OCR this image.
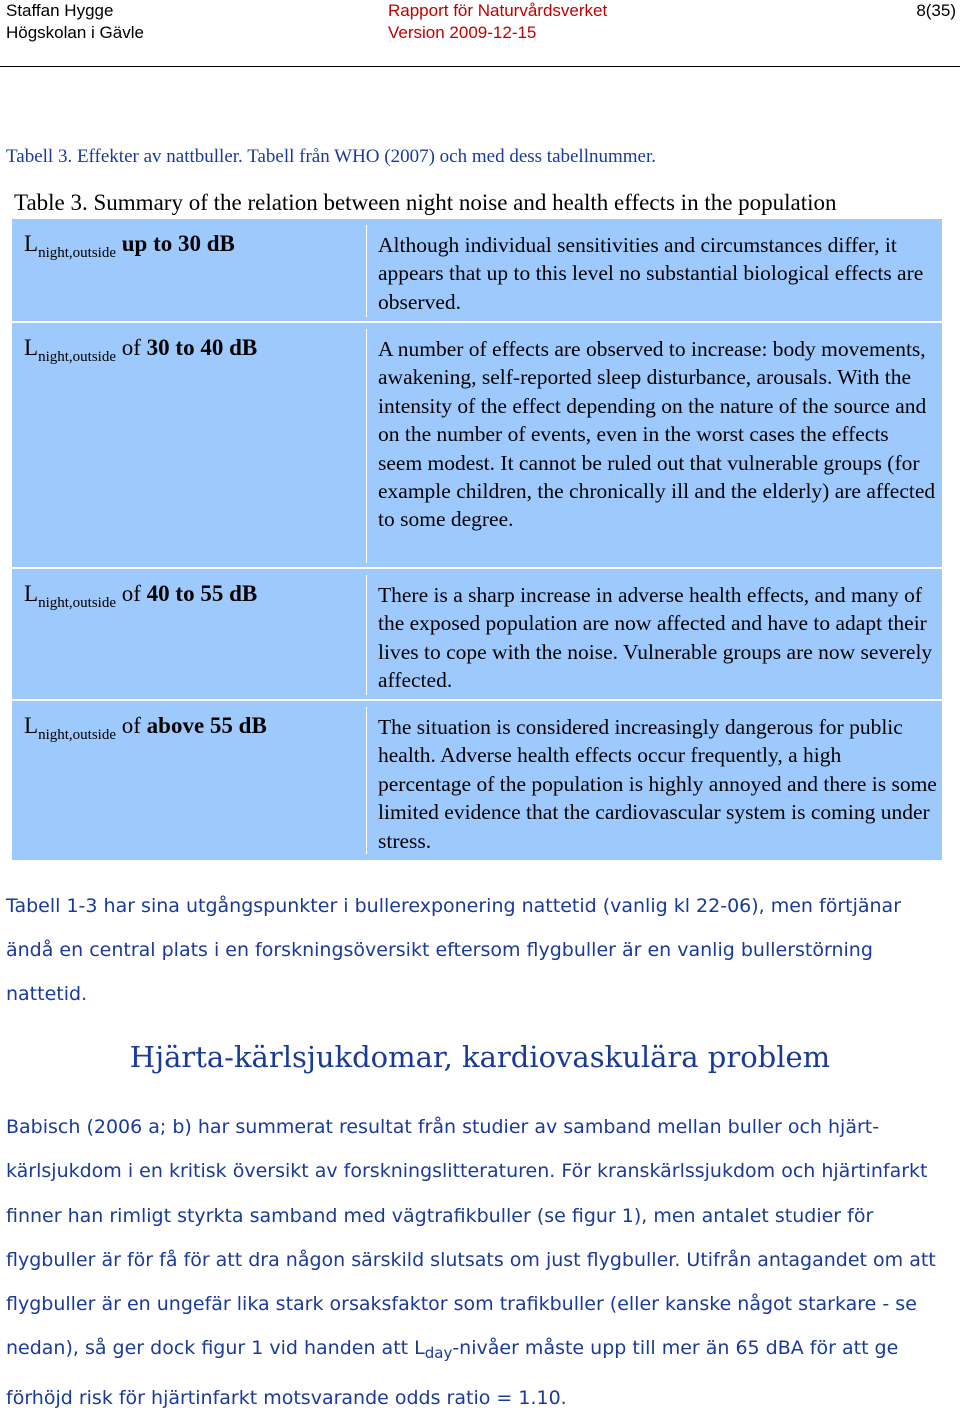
Staffan Hygge
Högskolan i Gävle
Rapport för Naturvårdsverket
Version 2009-12-15
8(35)
Tabell 3. Effekter av nattbuller. Tabell från WHO (2007) och med dess tabellnummer.
Table 3. Summary of the relation between night noise and health effects in the population
$L_{night,outside}$ up to 30 dB	Although individual sensitivities and circumstances differ, it appears that up to this level no substantial biological effects are observed.
$L_{night,outside}$ of 30 to 40 dB	A number of effects are observed to increase: body movements, awakening, self-reported sleep disturbance, arousals. With the intensity of the effect depending on the nature of the source and on the number of events, even in the worst cases the effects seem modest. It cannot be ruled out that vulnerable groups (for example children, the chronically ill and the elderly) are affected to some degree.
$L_{night,outside}$ of 40 to 55 dB	There is a sharp increase in adverse health effects, and many of the exposed population are now affected and have to adapt their lives to cope with the noise. Vulnerable groups are now severely affected.
$L_{night,outside}$ of above 55 dB	The situation is considered increasingly dangerous for public health. Adverse health effects occur frequently, a high percentage of the population is highly annoyed and there is some limited evidence that the cardiovascular system is coming under stress.
Tabell 1-3 har sina utgångspunkter i bullerexponering nattetid (vanlig kl 22-06), men förtjänar ändå en central plats i en forskningsöversikt eftersom flygbuller är en vanlig bullerstörning nattetid.
Hjärta-kärlsjukdomar, kardiovaskulära problem
Babisch (2006 a; b) har summerat resultat från studier av samband mellan buller och hjärt-kärlsjukdom i en kritisk översikt av forskningslitteraturen. För kranskärlssjukdom och hjärtinfarkt finner han rimligt styrkta samband med vägtrafikbuller (se figur 1), men antalet studier för flygbuller är för få för att dra någon särskild slutsats om just flygbuller. Utifrån antagandet om att flygbuller är en ungefär lika stark orsaksfaktor som trafikbuller (eller kanske något starkare - se nedan), så ger dock figur 1 vid handen att $L_{day}$-nivåer måste upp till mer än 65 dBA för att ge förhöjd risk för hjärtinfarkt motsvarande odds ratio = 1.10.
